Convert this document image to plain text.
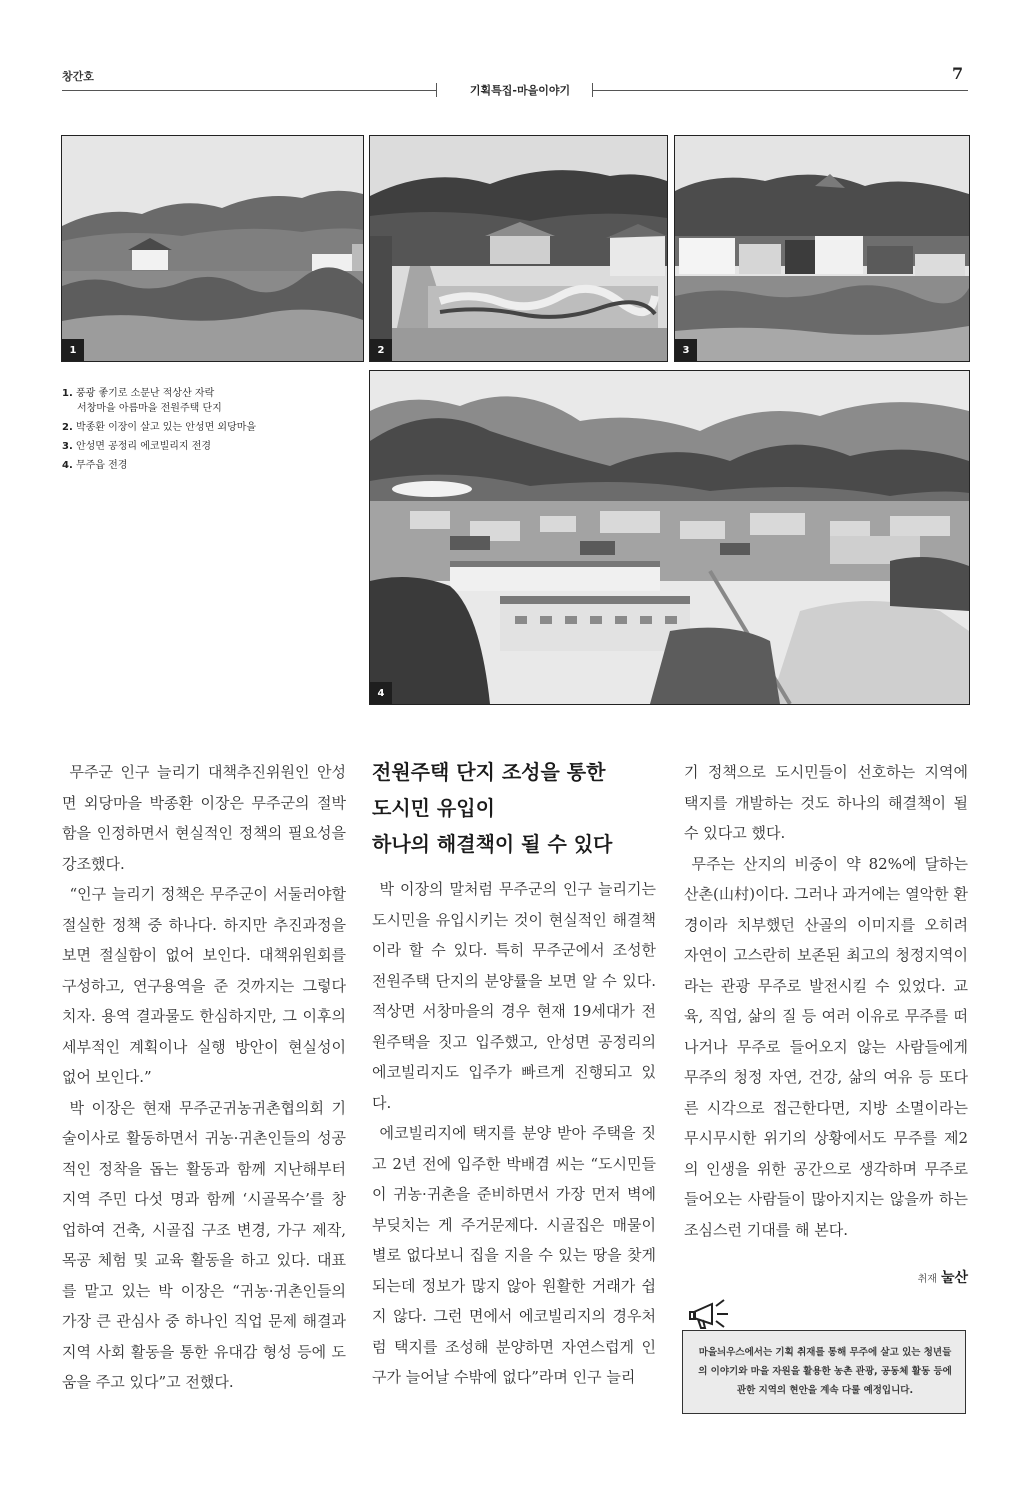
창간호	7
기획특집-마을이야기
1	2	3
1. 풍광 좋기로 소문난 적상산 자락
서창마을 아름마을 전원주택 단지
2. 박종환 이장이 살고 있는 안성면 외당마을
3. 안성면 공정리 에코빌리지 전경
4. 무주읍 전경
4

무주군 인구 늘리기 대책추진위원인 안성면 외당마을 박종환 이장은 무주군의 절박함을 인정하면서 현실적인 정책의 필요성을 강조했다.

“인구 늘리기 정책은 무주군이 서둘러야할 절실한 정책 중 하나다. 하지만 추진과정을 보면 절실함이 없어 보인다. 대책위원회를 구성하고, 연구용역을 준 것까지는 그렇다 치자. 용역 결과물도 한심하지만, 그 이후의 세부적인 계획이나 실행 방안이 현실성이 없어 보인다.”

박 이장은 현재 무주군귀농귀촌협의회 기술이사로 활동하면서 귀농·귀촌인들의 성공적인 정착을 돕는 활동과 함께 지난해부터 지역 주민 다섯 명과 함께 ‘시골목수’를 창업하여 건축, 시골집 구조 변경, 가구 제작, 목공 체험 및 교육 활동을 하고 있다. 대표를 맡고 있는 박 이장은 “귀농·귀촌인들의 가장 큰 관심사 중 하나인 직업 문제 해결과 지역 사회 활동을 통한 유대감 형성 등에 도움을 주고 있다”고 전했다.

전원주택 단지 조성을 통한
도시민 유입이
하나의 해결책이 될 수 있다

박 이장의 말처럼 무주군의 인구 늘리기는 도시민을 유입시키는 것이 현실적인 해결책이라 할 수 있다. 특히 무주군에서 조성한 전원주택 단지의 분양률을 보면 알 수 있다. 적상면 서창마을의 경우 현재 19세대가 전원주택을 짓고 입주했고, 안성면 공정리의 에코빌리지도 입주가 빠르게 진행되고 있다.

에코빌리지에 택지를 분양 받아 주택을 짓고 2년 전에 입주한 박배겸 씨는 “도시민들이 귀농·귀촌을 준비하면서 가장 먼저 벽에 부딪치는 게 주거문제다. 시골집은 매물이 별로 없다보니 집을 지을 수 있는 땅을 찾게 되는데 정보가 많지 않아 원활한 거래가 쉽지 않다. 그런 면에서 에코빌리지의 경우처럼 택지를 조성해 분양하면 자연스럽게 인구가 늘어날 수밖에 없다”라며 인구 늘리

기 정책으로 도시민들이 선호하는 지역에 택지를 개발하는 것도 하나의 해결책이 될 수 있다고 했다.

무주는 산지의 비중이 약 82%에 달하는 산촌(山村)이다. 그러나 과거에는 열악한 환경이라 치부했던 산골의 이미지를 오히려 자연이 고스란히 보존된 최고의 청정지역이라는 관광 무주로 발전시킬 수 있었다. 교육, 직업, 삶의 질 등 여러 이유로 무주를 떠나거나 무주로 들어오지 않는 사람들에게 무주의 청정 자연, 건강, 삶의 여유 등 또다른 시각으로 접근한다면, 지방 소멸이라는 무시무시한 위기의 상황에서도 무주를 제2의 인생을 위한 공간으로 생각하며 무주로 들어오는 사람들이 많아지지는 않을까 하는 조심스런 기대를 해 본다.

취재 눌산
마을늬우스에서는 기획 취재를 통해 무주에 살고 있는 청년들의 이야기와 마을 자원을 활용한 농촌 관광, 공동체 활동 등에 관한 지역의 현안을 계속 다룰 예정입니다.
